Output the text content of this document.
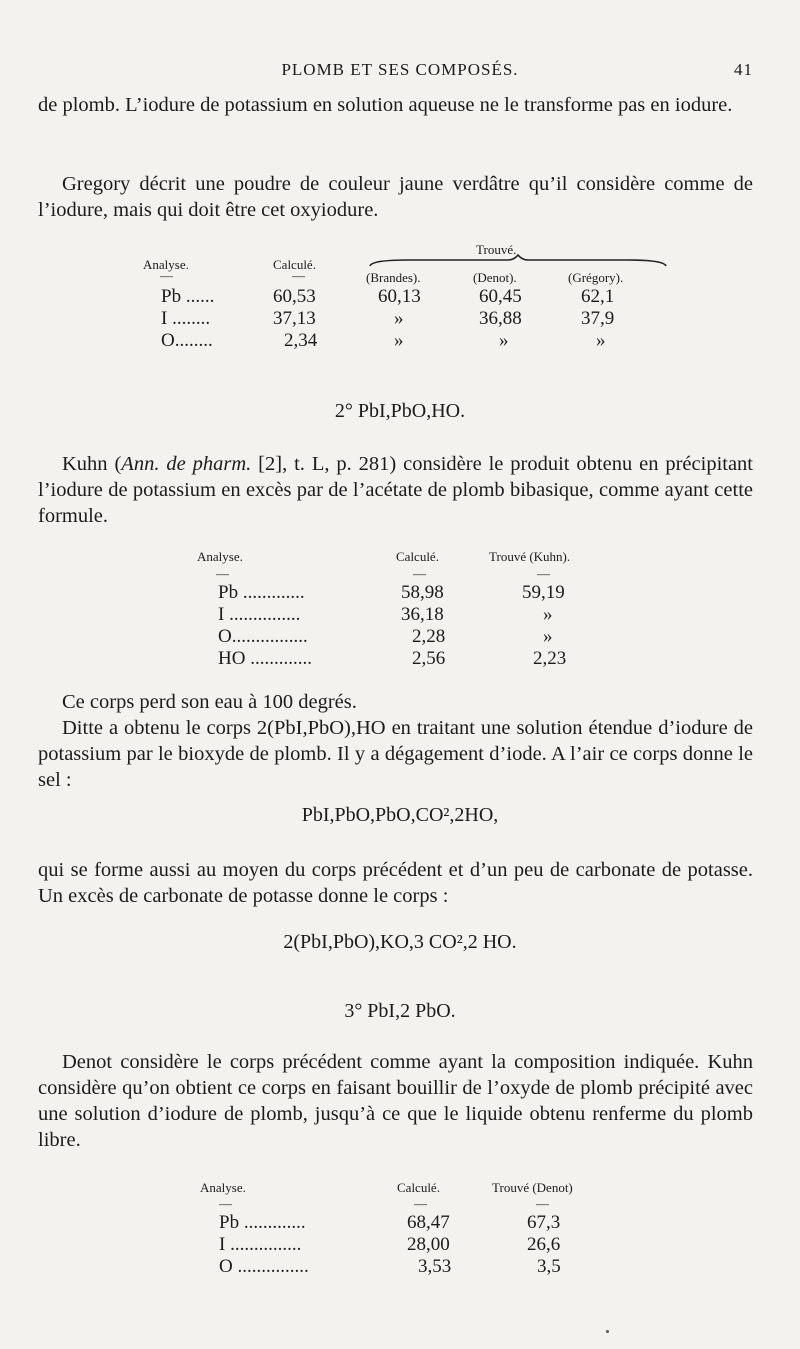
PLOMB ET SES COMPOSÉS.	41
de plomb. L’iodure de potassium en solution aqueuse ne le transforme pas en iodure.
Gregory décrit une poudre de couleur jaune verdâtre qu’il considère comme de l’iodure, mais qui doit être cet oxyiodure.
Trouvé.
Analyse.	Calculé.
—	—	(Brandes).	(Denot).	(Grégory).
Pb ......	60,53	60,13	60,45	62,1
I ........	37,13	»	36,88	37,9
O........	2,34	»	»	»
2° PbI,PbO,HO.
Kuhn (Ann. de pharm. [2], t. L, p. 281) considère le produit obtenu en précipitant l’iodure de potassium en excès par de l’acétate de plomb bibasique, comme ayant cette formule.
Analyse.	Calculé.	Trouvé (Kuhn).
—	—	—
Pb .............	58,98	59,19
I ...............	36,18	»
O................	2,28	»
HO .............	2,56	2,23
Ce corps perd son eau à 100 degrés.
Ditte a obtenu le corps 2(PbI,PbO),HO en traitant une solution étendue d’iodure de potassium par le bioxyde de plomb. Il y a dégagement d’iode. A l’air ce corps donne le sel :
PbI,PbO,PbO,CO²,2HO,
qui se forme aussi au moyen du corps précédent et d’un peu de carbonate de potasse. Un excès de carbonate de potasse donne le corps :
2(PbI,PbO),KO,3 CO²,2 HO.
3° PbI,2 PbO.
Denot considère le corps précédent comme ayant la composition indiquée. Kuhn considère qu’on obtient ce corps en faisant bouillir de l’oxyde de plomb précipité avec une solution d’iodure de plomb, jusqu’à ce que le liquide obtenu renferme du plomb libre.
Analyse.	Calculé.	Trouvé (Denot)
—	—	—
Pb .............	68,47	67,3
I ...............	28,00	26,6
O ...............	3,53	3,5
